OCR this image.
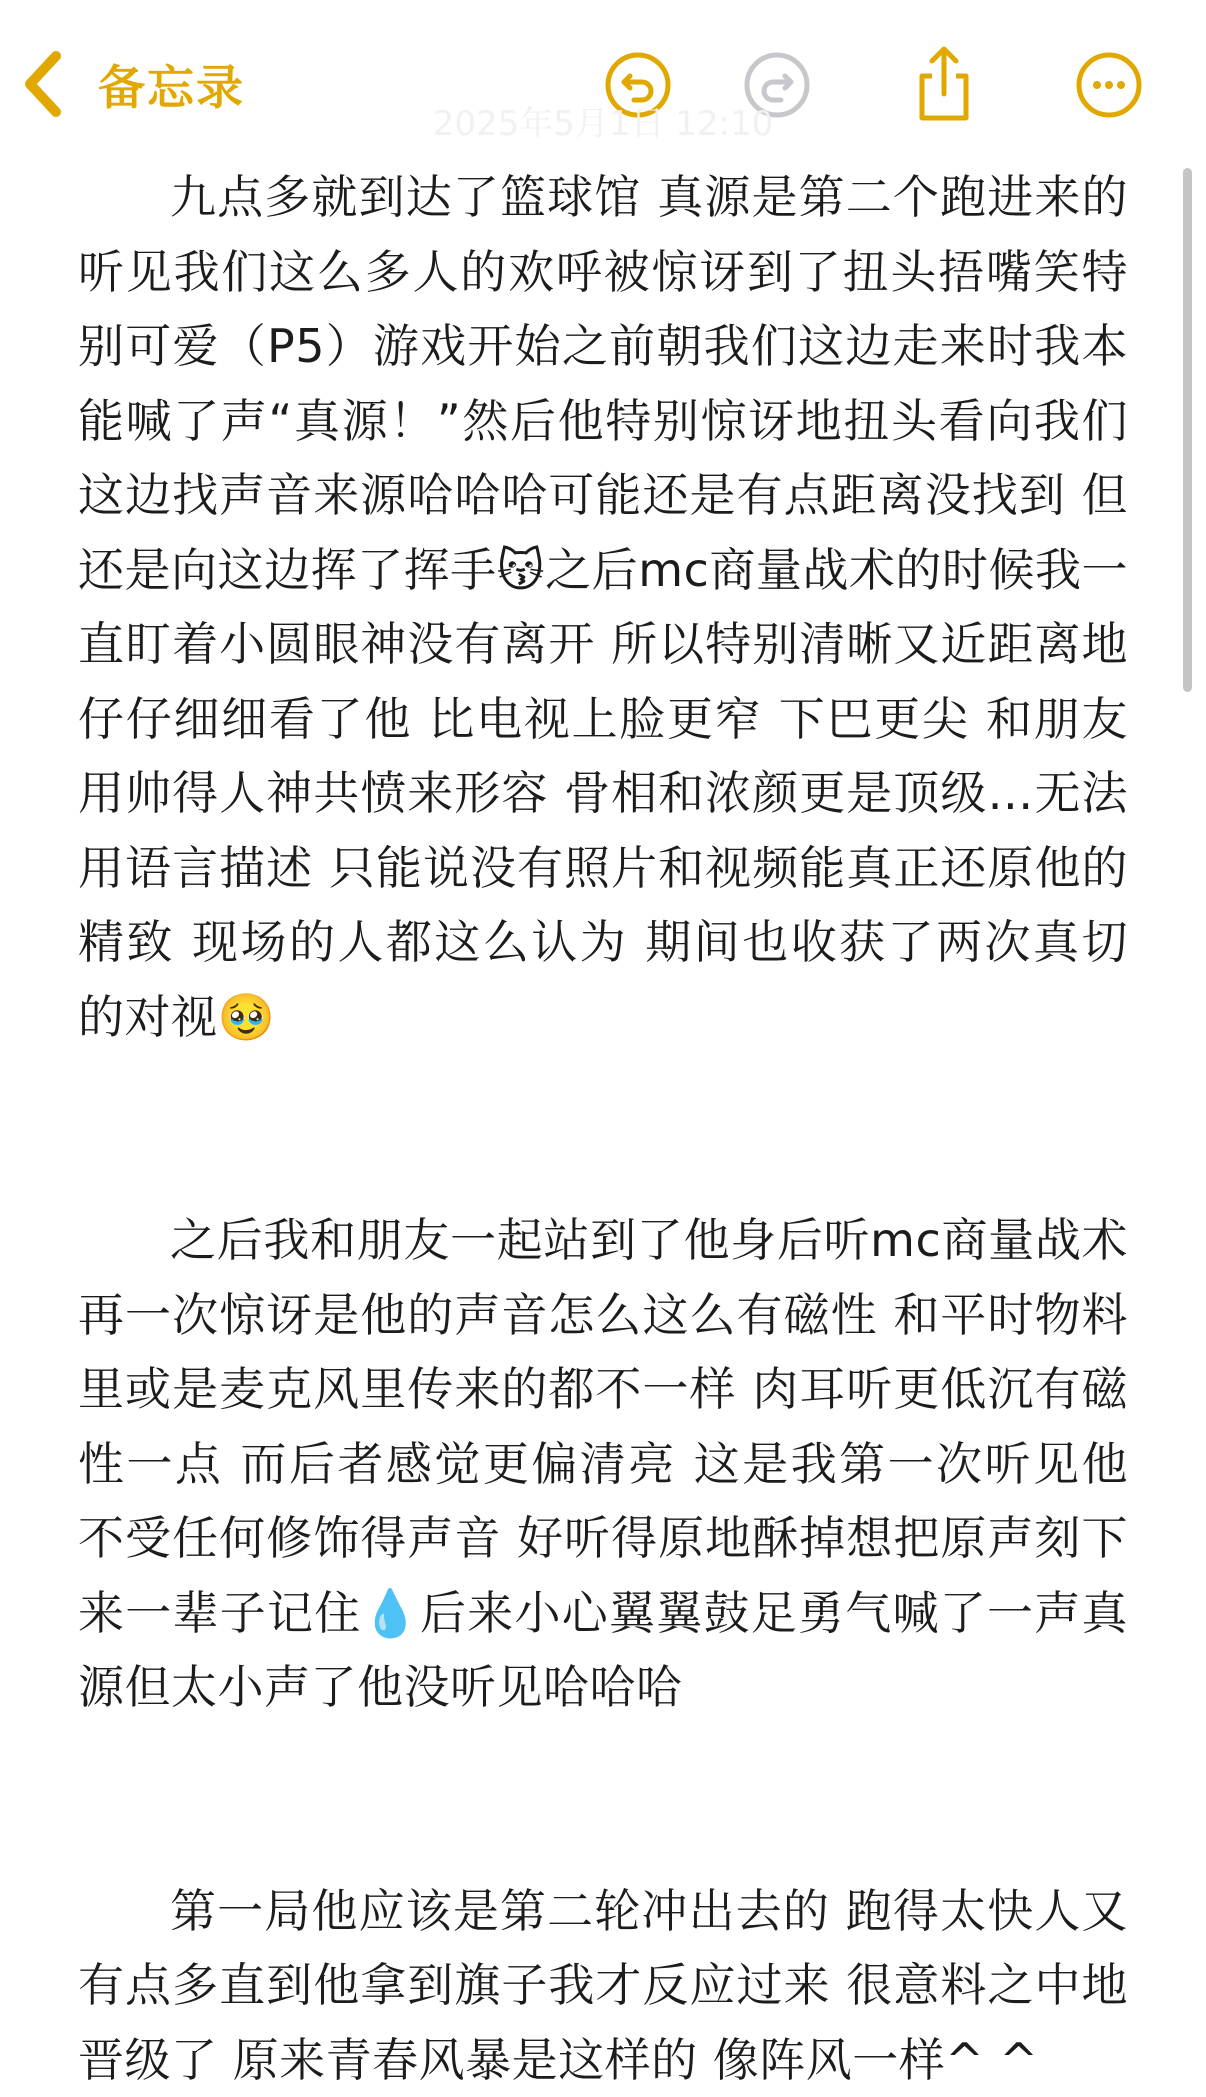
备忘录
2025年5月1日 12:10

九点多就到达了篮球馆 真源是第二个跑进来的 听见我们这么多人的欢呼被惊讶到了扭头捂嘴笑特别可爱（P5）游戏开始之前朝我们这边走来时我本能喊了声“真源！”然后他特别惊讶地扭头看向我们这边找声音来源哈哈哈可能还是有点距离没找到 但还是向这边挥了挥手😽之后mc商量战术的时候我一直盯着小圆眼神没有离开 所以特别清晰又近距离地仔仔细细看了他 比电视上脸更窄 下巴更尖 和朋友用帅得人神共愤来形容 骨相和浓颜更是顶级…无法用语言描述 只能说没有照片和视频能真正还原他的精致 现场的人都这么认为 期间也收获了两次真切的对视🥹

之后我和朋友一起站到了他身后听mc商量战术 再一次惊讶是他的声音怎么这么有磁性 和平时物料里或是麦克风里传来的都不一样 肉耳听更低沉有磁性一点 而后者感觉更偏清亮 这是我第一次听见他不受任何修饰得声音 好听得原地酥掉想把原声刻下来一辈子记住💧后来小心翼翼鼓足勇气喊了一声真源但太小声了他没听见哈哈哈

第一局他应该是第二轮冲出去的 跑得太快人又有点多直到他拿到旗子我才反应过来 很意料之中地晋级了 原来青春风暴是这样的 像阵风一样^ ^
